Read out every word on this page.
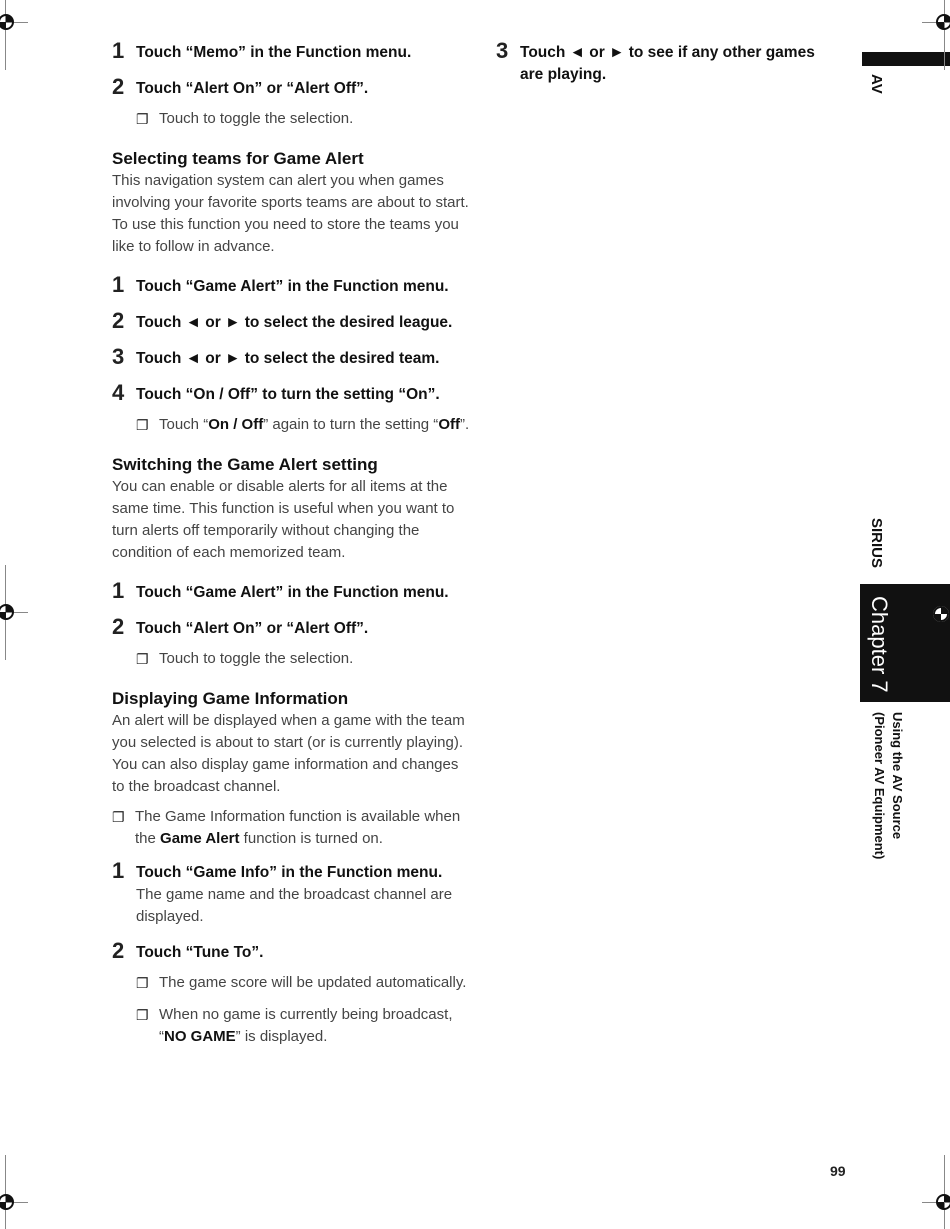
1 Touch “Memo” in the Function menu.
2 Touch “Alert On” or “Alert Off”.
❐ Touch to toggle the selection.
Selecting teams for Game Alert

This navigation system can alert you when games involving your favorite sports teams are about to start. To use this function you need to store the teams you like to follow in advance.

1 Touch “Game Alert” in the Function menu.
2 Touch ◄ or ► to select the desired league.
3 Touch ◄ or ► to select the desired team.
4 Touch “On / Off” to turn the setting “On”.
❐ Touch “On / Off” again to turn the setting “Off”.
Switching the Game Alert setting

You can enable or disable alerts for all items at the same time. This function is useful when you want to turn alerts off temporarily without changing the condition of each memorized team.

1 Touch “Game Alert” in the Function menu.
2 Touch “Alert On” or “Alert Off”.
❐ Touch to toggle the selection.
Displaying Game Information

An alert will be displayed when a game with the team you selected is about to start (or is currently playing). You can also display game information and changes to the broadcast channel.

❐ The Game Information function is available when the Game Alert function is turned on.
1 Touch “Game Info” in the Function menu.
The game name and the broadcast channel are displayed.
2 Touch “Tune To”.
❐ The game score will be updated automatically.
❐ When no game is currently being broadcast, “NO GAME” is displayed.
3 Touch ◄ or ► to see if any other games are playing.	AV
SIRIUS
Chapter 7
Using the AV Source
(Pioneer AV Equipment)
99
